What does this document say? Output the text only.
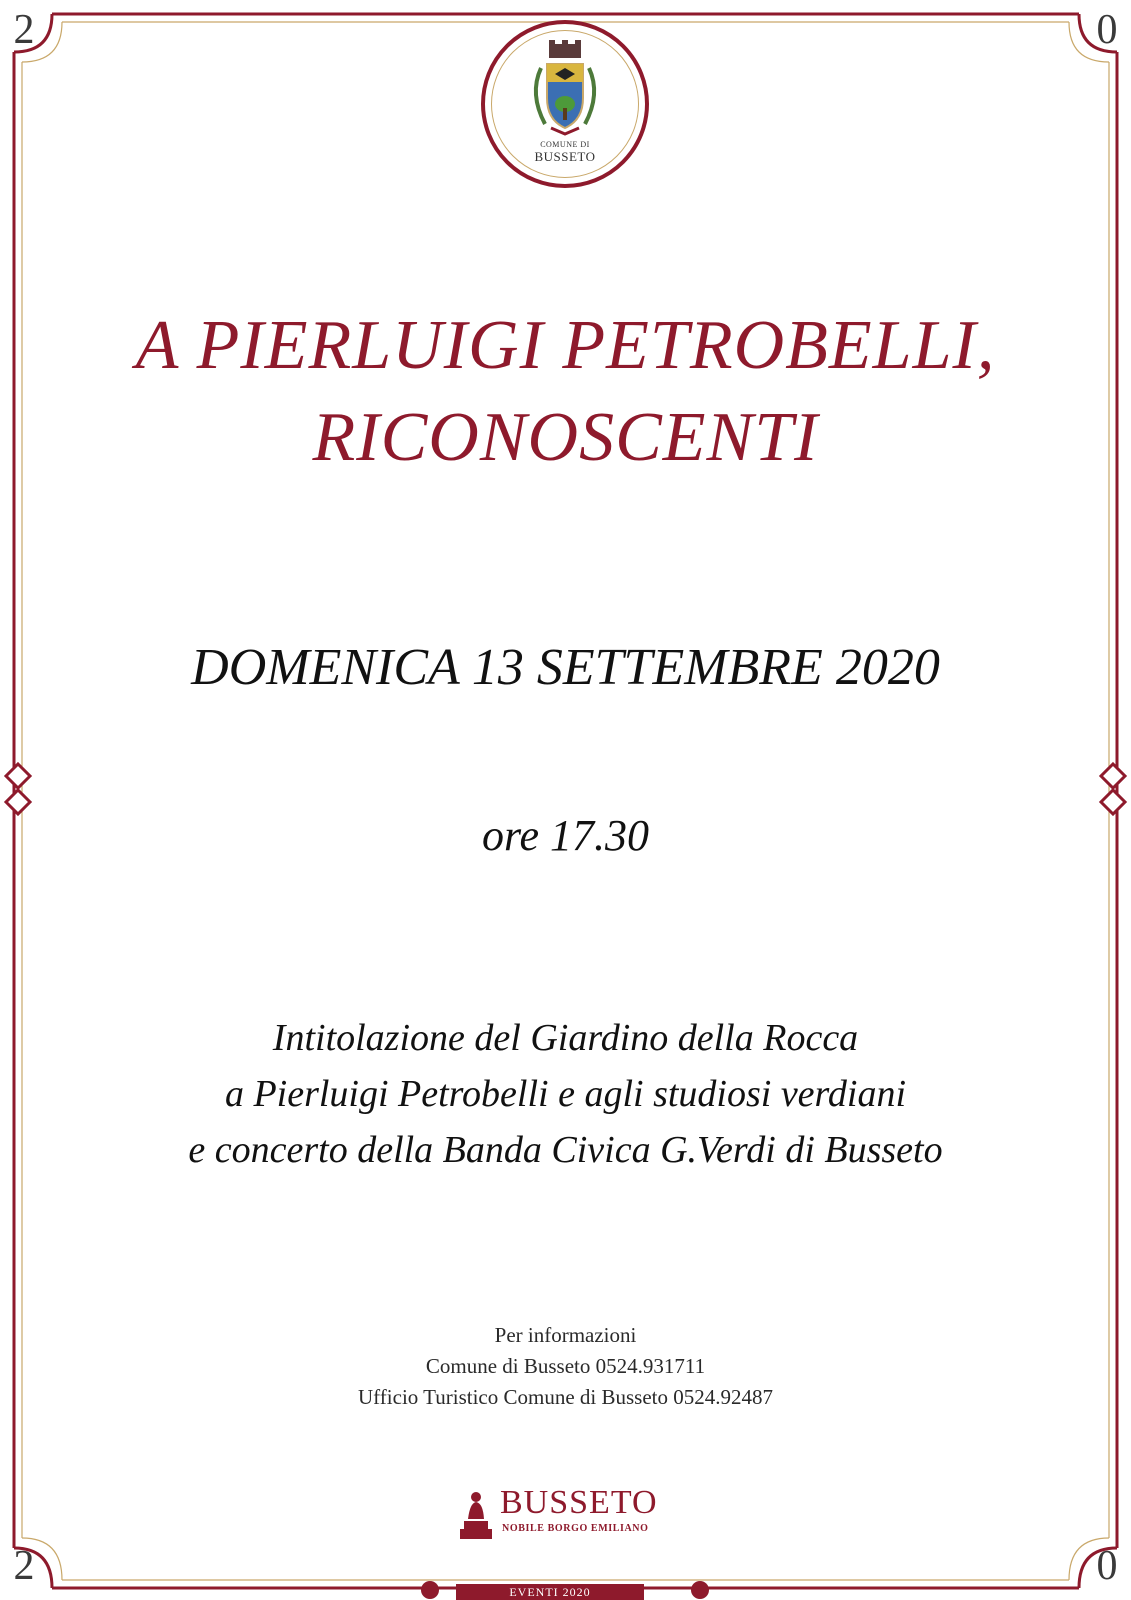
2	0
2	0
COMUNE DI
BUSSETO
A PIERLUIGI PETROBELLI,
RICONOSCENTI
DOMENICA 13 SETTEMBRE 2020
ore 17.30
Intitolazione del Giardino della Rocca
a Pierluigi Petrobelli e agli studiosi verdiani
e concerto della Banda Civica G.Verdi di Busseto
Per informazioni
Comune di Busseto 0524.931711
Ufficio Turistico Comune di Busseto 0524.92487
BUSSETO
NOBILE BORGO EMILIANO
EVENTI 2020
